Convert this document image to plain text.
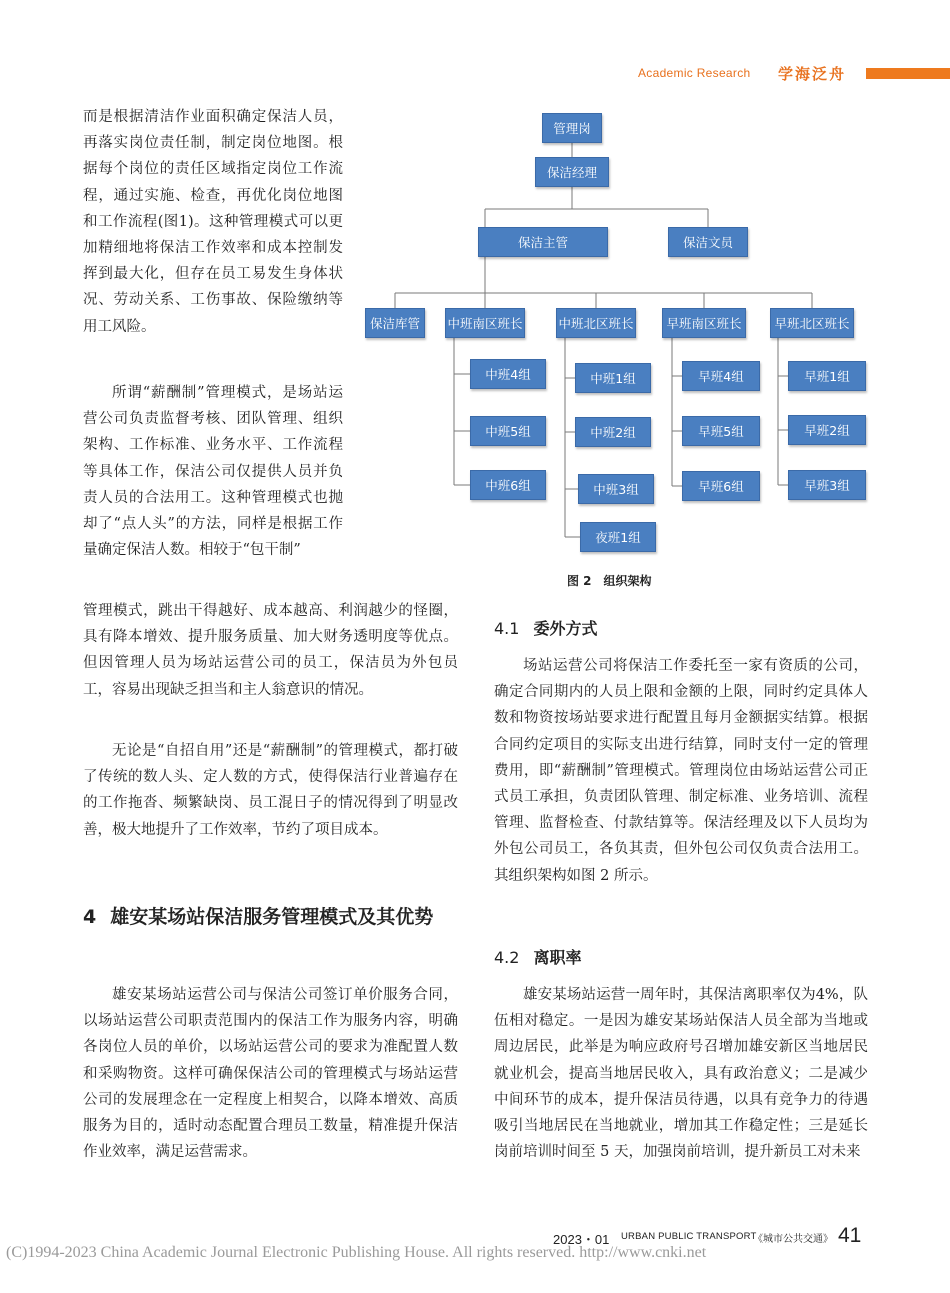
Academic Research 学海泛舟

而是根据清洁作业面积确定保洁人员，再落实岗位责任制，制定岗位地图。根据每个岗位的责任区域指定岗位工作流程，通过实施、检查，再优化岗位地图和工作流程(图1)。这种管理模式可以更加精细地将保洁工作效率和成本控制发挥到最大化，但存在员工易发生身体状况、劳动关系、工伤事故、保险缴纳等用工风险。

所谓“薪酬制”管理模式，是场站运营公司负责监督考核、团队管理、组织架构、工作标准、业务水平、工作流程等具体工作，保洁公司仅提供人员并负责人员的合法用工。这种管理模式也抛却了“点人头”的方法，同样是根据工作量确定保洁人数。相较于“包干制”

管理模式，跳出干得越好、成本越高、利润越少的怪圈，具有降本增效、提升服务质量、加大财务透明度等优点。但因管理人员为场站运营公司的员工，保洁员为外包员工，容易出现缺乏担当和主人翁意识的情况。

无论是“自招自用”还是“薪酬制”的管理模式，都打破了传统的数人头、定人数的方式，使得保洁行业普遍存在的工作拖沓、频繁缺岗、员工混日子的情况得到了明显改善，极大地提升了工作效率，节约了项目成本。

4 雄安某场站保洁服务管理模式及其优势

雄安某场站运营公司与保洁公司签订单价服务合同，以场站运营公司职责范围内的保洁工作为服务内容，明确各岗位人员的单价，以场站运营公司的要求为准配置人数和采购物资。这样可确保保洁公司的管理模式与场站运营公司的发展理念在一定程度上相契合，以降本增效、高质服务为目的，适时动态配置合理员工数量，精准提升保洁作业效率，满足运营需求。

管理岗
保洁经理
保洁主管	保洁文员
保洁库管	中班南区班长	中班北区班长	早班南区班长	早班北区班长
中班4组
中班5组
中班6组
中班1组
中班2组
中班3组
夜班1组
早班4组
早班5组
早班6组
早班1组
早班2组
早班3组
图 2 组织架构
4.1 委外方式

场站运营公司将保洁工作委托至一家有资质的公司，确定合同期内的人员上限和金额的上限，同时约定具体人数和物资按场站要求进行配置且每月金额据实结算。根据合同约定项目的实际支出进行结算，同时支付一定的管理费用，即“薪酬制”管理模式。管理岗位由场站运营公司正式员工承担，负责团队管理、制定标准、业务培训、流程管理、监督检查、付款结算等。保洁经理及以下人员均为外包公司员工，各负其责，但外包公司仅负责合法用工。其组织架构如图 2 所示。

4.2 离职率

雄安某场站运营一周年时，其保洁离职率仅为4%，队伍相对稳定。一是因为雄安某场站保洁人员全部为当地或周边居民，此举是为响应政府号召增加雄安新区当地居民就业机会，提高当地居民收入，具有政治意义；二是减少中间环节的成本，提升保洁员待遇，以具有竞争力的待遇吸引当地居民在当地就业，增加其工作稳定性；三是延长岗前培训时间至 5 天，加强岗前培训，提升新员工对未来

2023・01 URBAN PUBLIC TRANSPORT
《城市公共交通》 41
(C)1994-2023 China Academic Journal Electronic Publishing House. All rights reserved. http://www.cnki.net
